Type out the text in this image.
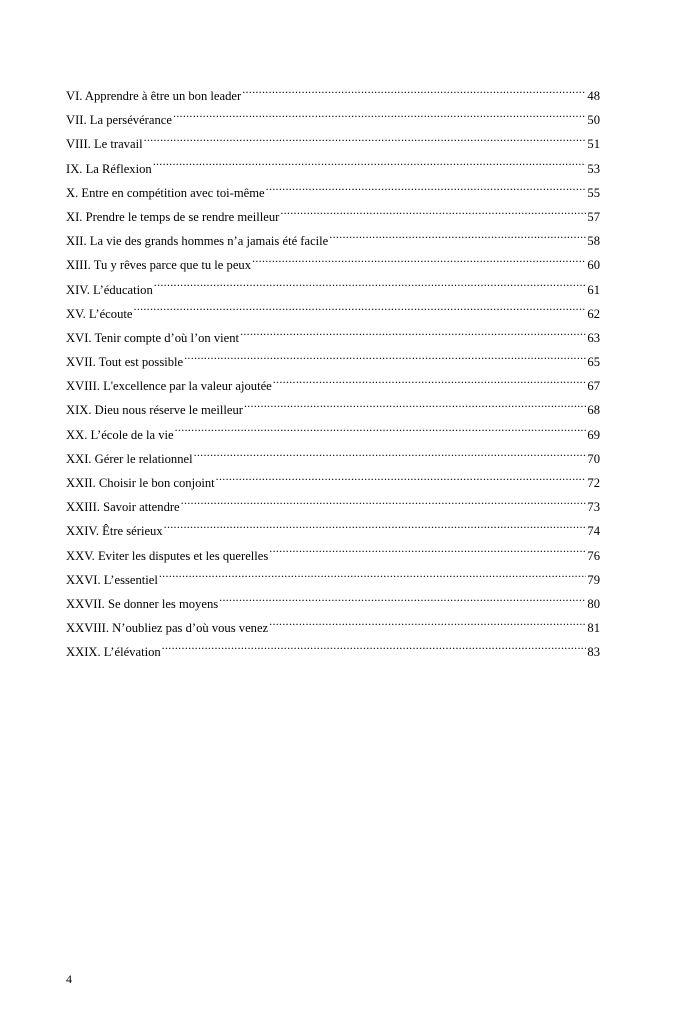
VI. Apprendre à être un bon leader .....	48
VII. La persévérance .....	50
VIII. Le travail .....	51
IX. La Réflexion .....	53
X. Entre en compétition avec toi-même .....	55
XI. Prendre le temps de se rendre meilleur .....	57
XII. La vie des grands hommes n’a jamais été facile .....	58
XIII. Tu y rêves parce que tu le peux .....	60
XIV. L’éducation .....	61
XV. L’écoute .....	62
XVI. Tenir compte d’où l’on vient .....	63
XVII. Tout est possible .....	65
XVIII. L'excellence par la valeur ajoutée .....	67
XIX. Dieu nous réserve le meilleur .....	68
XX. L’école de la vie .....	69
XXI. Gérer le relationnel .....	70
XXII. Choisir le bon conjoint .....	72
XXIII. Savoir attendre .....	73
XXIV. Être sérieux .....	74
XXV. Eviter les disputes et les querelles .....	76
XXVI. L’essentiel .....	79
XXVII. Se donner les moyens .....	80
XXVIII. N’oubliez pas d’où vous venez .....	81
XXIX. L’élévation .....	83
4
